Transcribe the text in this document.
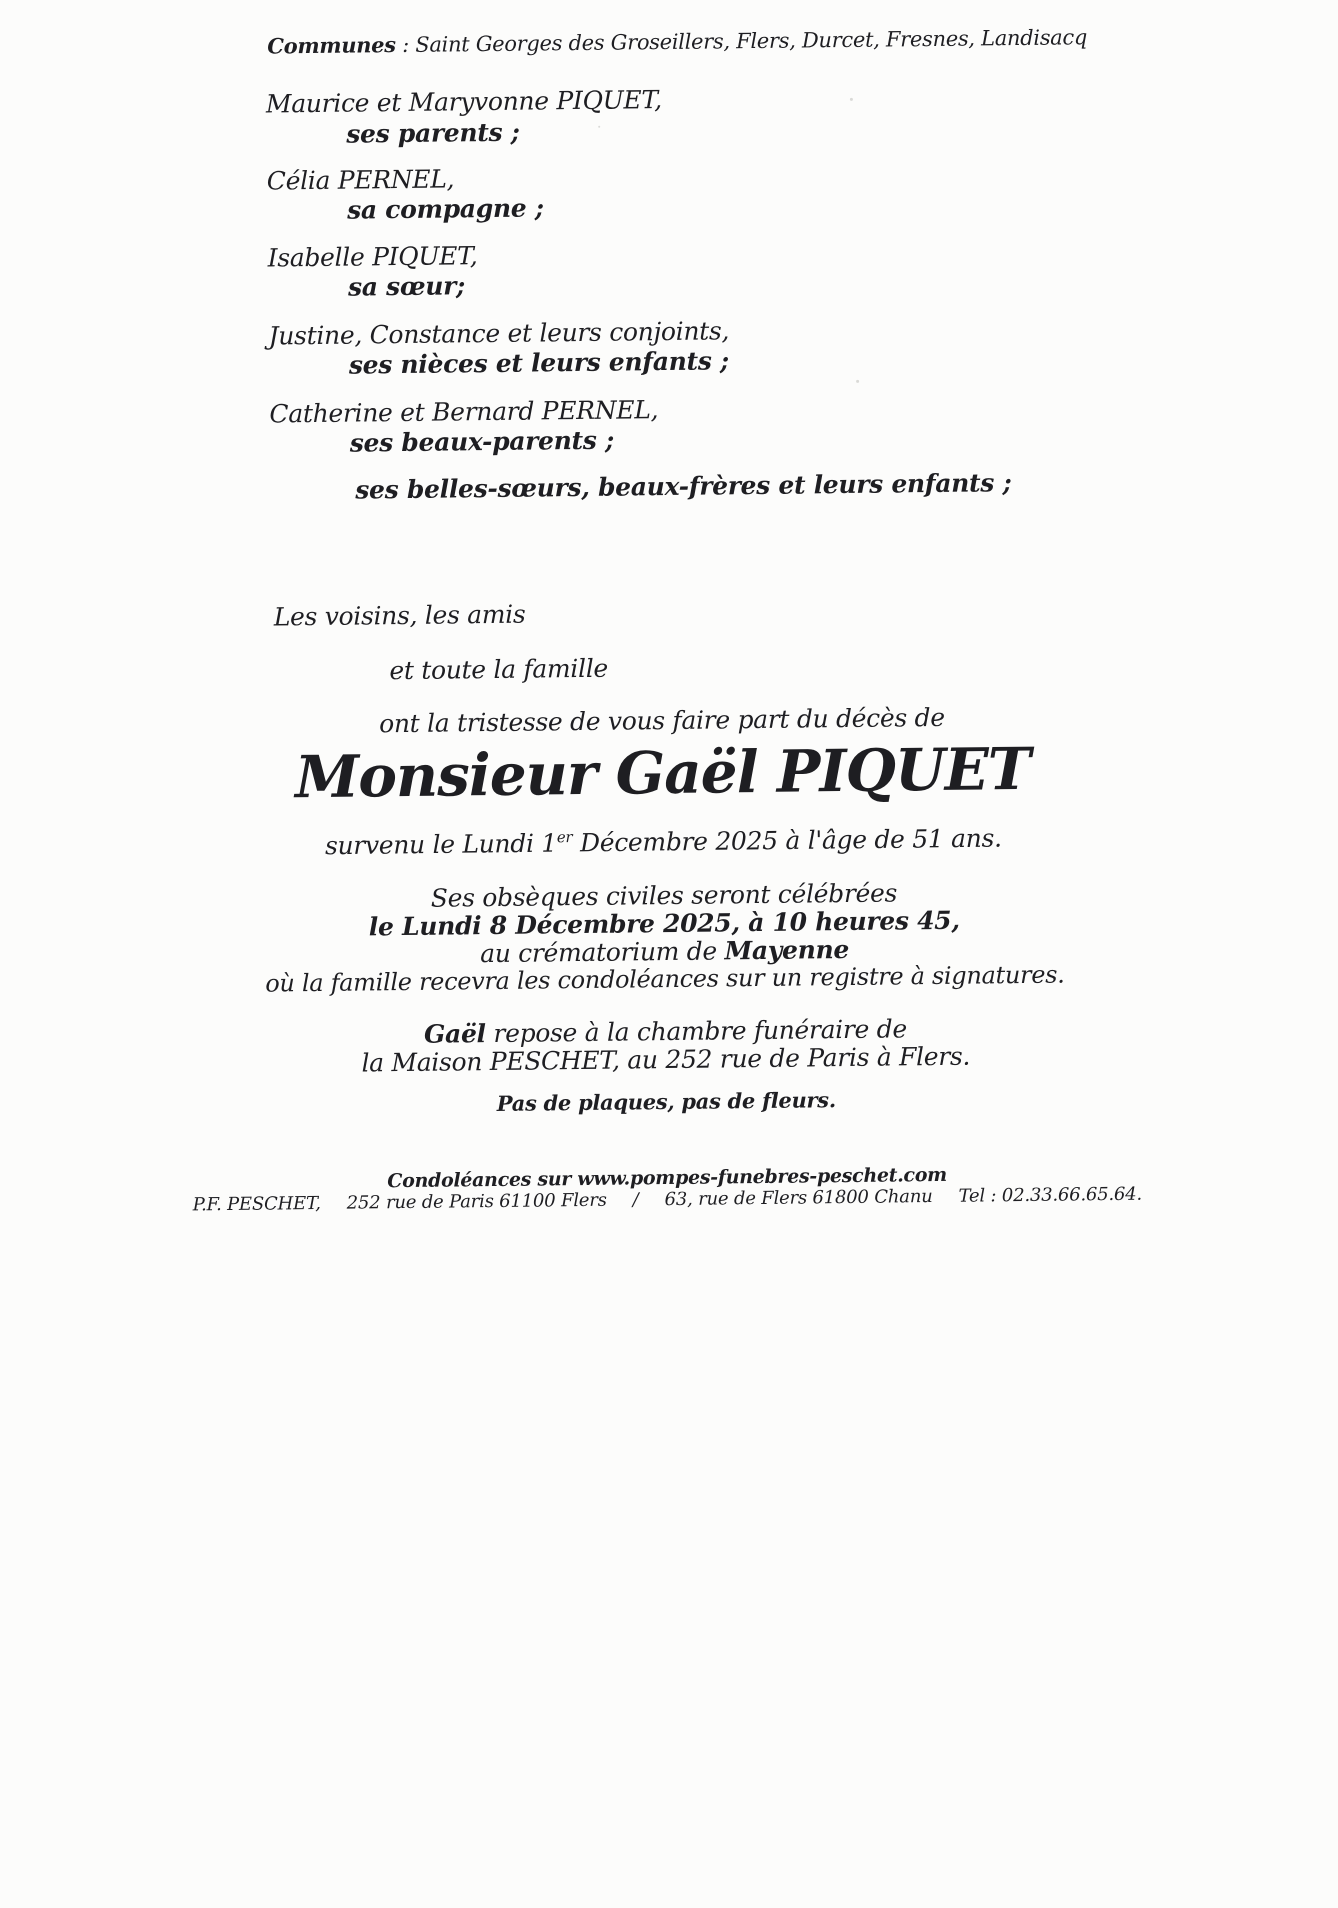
Communes : Saint Georges des Groseillers, Flers, Durcet, Fresnes, Landisacq
Maurice et Maryvonne PIQUET,
ses parents ;
Célia PERNEL,
sa compagne ;
Isabelle PIQUET,
sa sœur;
Justine, Constance et leurs conjoints,
ses nièces et leurs enfants ;
Catherine et Bernard PERNEL,
ses beaux-parents ;
ses belles-sœurs, beaux-frères et leurs enfants ;
Les voisins, les amis
et toute la famille
ont la tristesse de vous faire part du décès de
Monsieur Gaël PIQUET
survenu le Lundi 1er Décembre 2025 à l'âge de 51 ans.
Ses obsèques civiles seront célébrées
le Lundi 8 Décembre 2025, à 10 heures 45,
au crématorium de Mayenne
où la famille recevra les condoléances sur un registre à signatures.
Gaël repose à la chambre funéraire de
la Maison PESCHET, au 252 rue de Paris à Flers.
Pas de plaques, pas de fleurs.
Condoléances sur www.pompes-funebres-peschet.com
P.F. PESCHET, 252 rue de Paris 61100 Flers / 63, rue de Flers 61800 Chanu Tel : 02.33.66.65.64.
